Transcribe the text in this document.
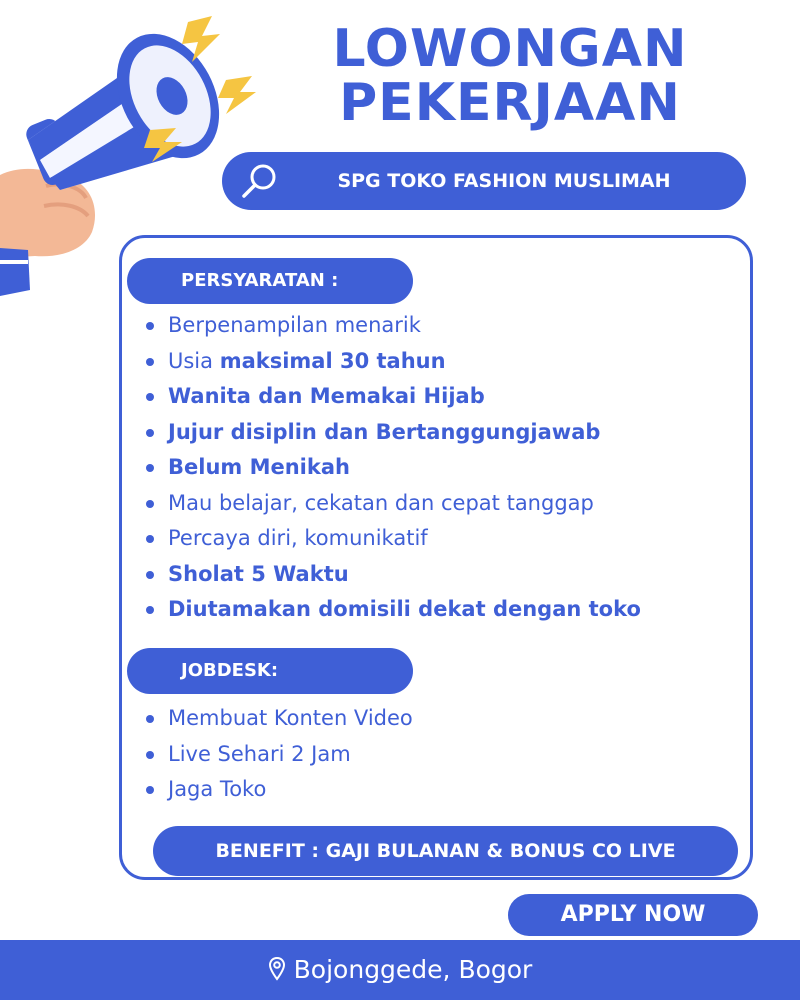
LOWONGAN
PEKERJAAN
SPG TOKO FASHION MUSLIMAH
PERSYARATAN :
Berpenampilan menarik
Usia maksimal 30 tahun
Wanita dan Memakai Hijab
Jujur disiplin dan Bertanggungjawab
Belum Menikah
Mau belajar, cekatan dan cepat tanggap
Percaya diri, komunikatif
Sholat 5 Waktu
Diutamakan domisili dekat dengan toko
JOBDESK:
Membuat Konten Video
Live Sehari 2 Jam
Jaga Toko
BENEFIT : GAJI BULANAN & BONUS CO LIVE
APPLY NOW
Bojonggede, Bogor
